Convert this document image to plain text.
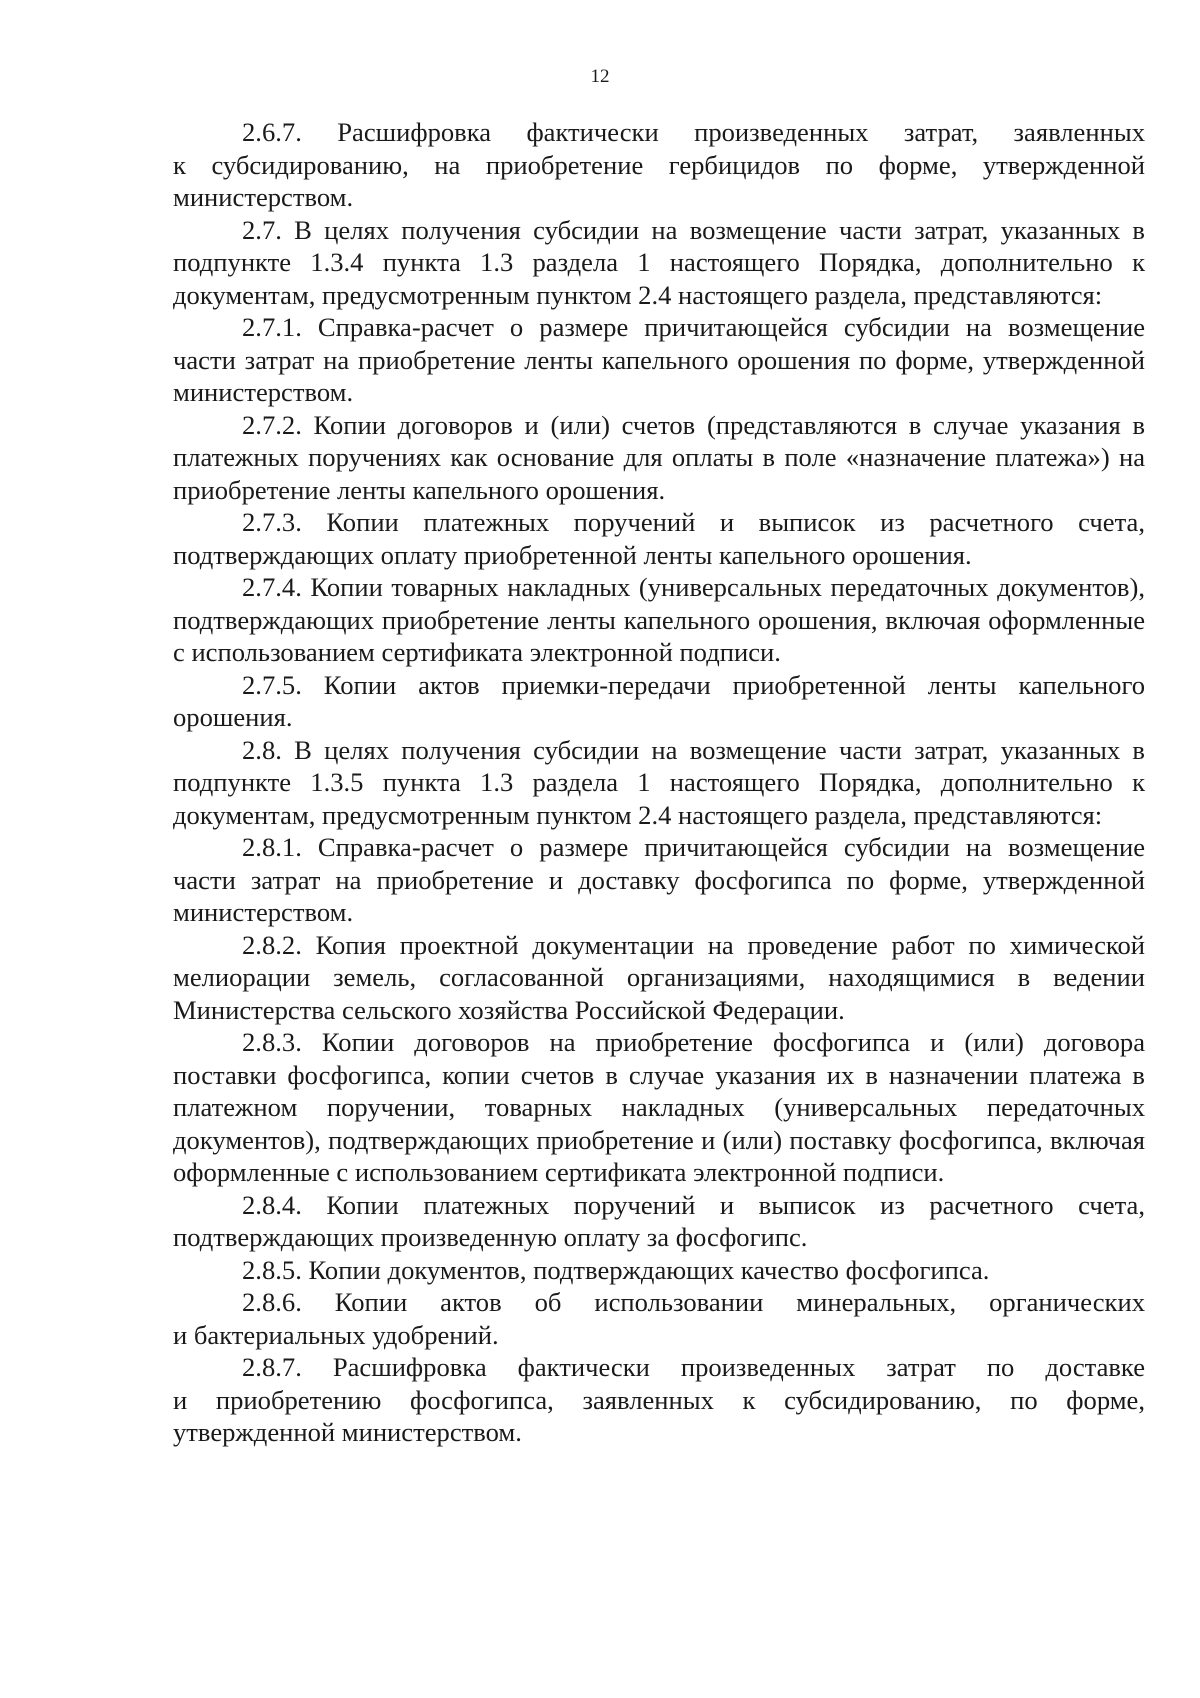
12

2.6.7. Расшифровка фактически произведенных затрат, заявленных к субсидированию, на приобретение гербицидов по форме, утвержденной министерством.

2.7. В целях получения субсидии на возмещение части затрат, указанных в подпункте 1.3.4 пункта 1.3 раздела 1 настоящего Порядка, дополнительно к документам, предусмотренным пунктом 2.4 настоящего раздела, представляются:

2.7.1. Справка-расчет о размере причитающейся субсидии на возмещение части затрат на приобретение ленты капельного орошения по форме, утвержденной министерством.

2.7.2. Копии договоров и (или) счетов (представляются в случае указания в платежных поручениях как основание для оплаты в поле «назначение платежа») на приобретение ленты капельного орошения.

2.7.3. Копии платежных поручений и выписок из расчетного счета, подтверждающих оплату приобретенной ленты капельного орошения.

2.7.4. Копии товарных накладных (универсальных передаточных документов), подтверждающих приобретение ленты капельного орошения, включая оформленные с использованием сертификата электронной подписи.

2.7.5. Копии актов приемки-передачи приобретенной ленты капельного орошения.

2.8. В целях получения субсидии на возмещение части затрат, указанных в подпункте 1.3.5 пункта 1.3 раздела 1 настоящего Порядка, дополнительно к документам, предусмотренным пунктом 2.4 настоящего раздела, представляются:

2.8.1. Справка-расчет о размере причитающейся субсидии на возмещение части затрат на приобретение и доставку фосфогипса по форме, утвержденной министерством.

2.8.2. Копия проектной документации на проведение работ по химической мелиорации земель, согласованной организациями, находящимися в ведении Министерства сельского хозяйства Российской Федерации.

2.8.3. Копии договоров на приобретение фосфогипса и (или) договора поставки фосфогипса, копии счетов в случае указания их в назначении платежа в платежном поручении, товарных накладных (универсальных передаточных документов), подтверждающих приобретение и (или) поставку фосфогипса, включая оформленные с использованием сертификата электронной подписи.

2.8.4. Копии платежных поручений и выписок из расчетного счета, подтверждающих произведенную оплату за фосфогипс.

2.8.5. Копии документов, подтверждающих качество фосфогипса.

2.8.6. Копии актов об использовании минеральных, органических и бактериальных удобрений.

2.8.7. Расшифровка фактически произведенных затрат по доставке и приобретению фосфогипса, заявленных к субсидированию, по форме, утвержденной министерством.
